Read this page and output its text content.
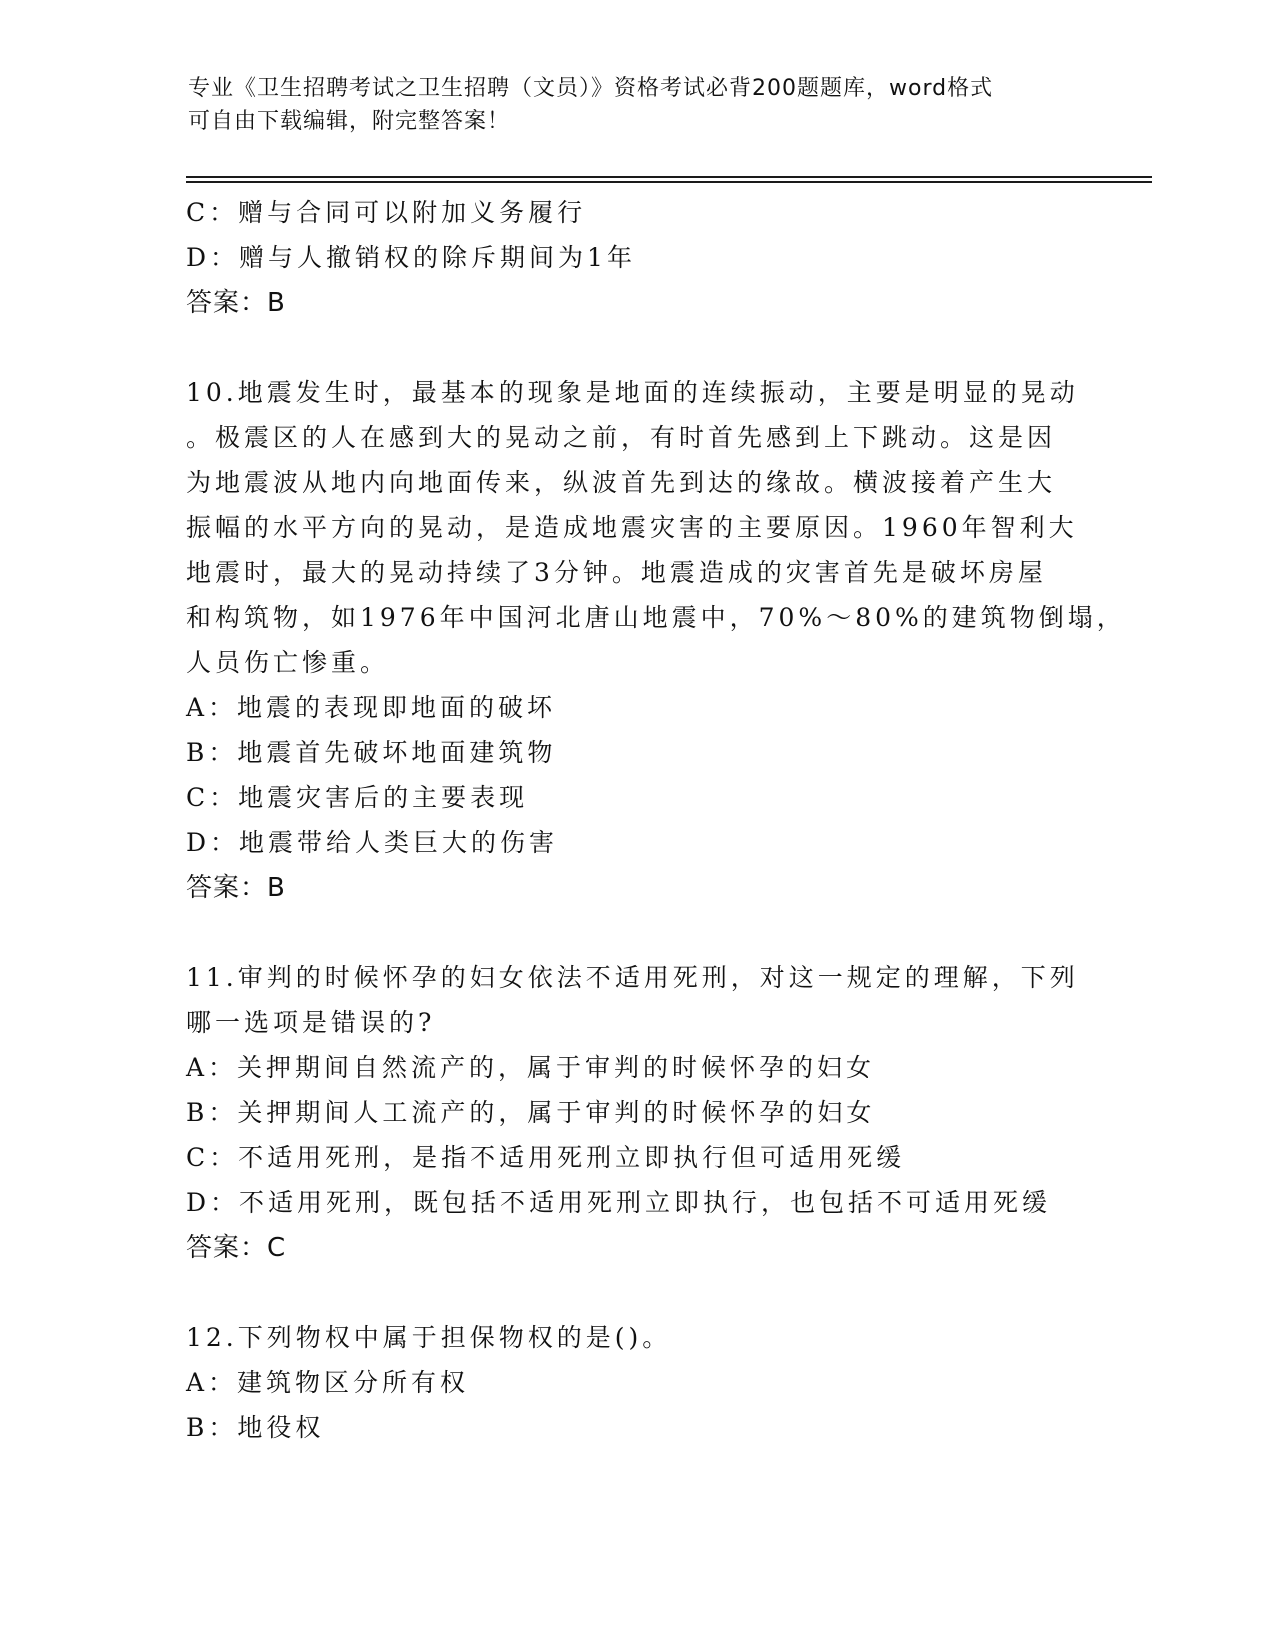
专业《卫生招聘考试之卫生招聘（文员）》资格考试必背200题题库，word格式
可自由下载编辑，附完整答案！
C：赠与合同可以附加义务履行
D：赠与人撤销权的除斥期间为1年
答案：B
10.地震发生时，最基本的现象是地面的连续振动，主要是明显的晃动
。极震区的人在感到大的晃动之前，有时首先感到上下跳动。这是因
为地震波从地内向地面传来，纵波首先到达的缘故。横波接着产生大
振幅的水平方向的晃动，是造成地震灾害的主要原因。1960年智利大
地震时，最大的晃动持续了3分钟。地震造成的灾害首先是破坏房屋
和构筑物，如1976年中国河北唐山地震中，70%～80%的建筑物倒塌，
人员伤亡惨重。
A：地震的表现即地面的破坏
B：地震首先破坏地面建筑物
C：地震灾害后的主要表现
D：地震带给人类巨大的伤害
答案：B
11.审判的时候怀孕的妇女依法不适用死刑，对这一规定的理解，下列
哪一选项是错误的?
A：关押期间自然流产的，属于审判的时候怀孕的妇女
B：关押期间人工流产的，属于审判的时候怀孕的妇女
C：不适用死刑，是指不适用死刑立即执行但可适用死缓
D：不适用死刑，既包括不适用死刑立即执行，也包括不可适用死缓
答案：C
12.下列物权中属于担保物权的是()。
A：建筑物区分所有权
B：地役权
